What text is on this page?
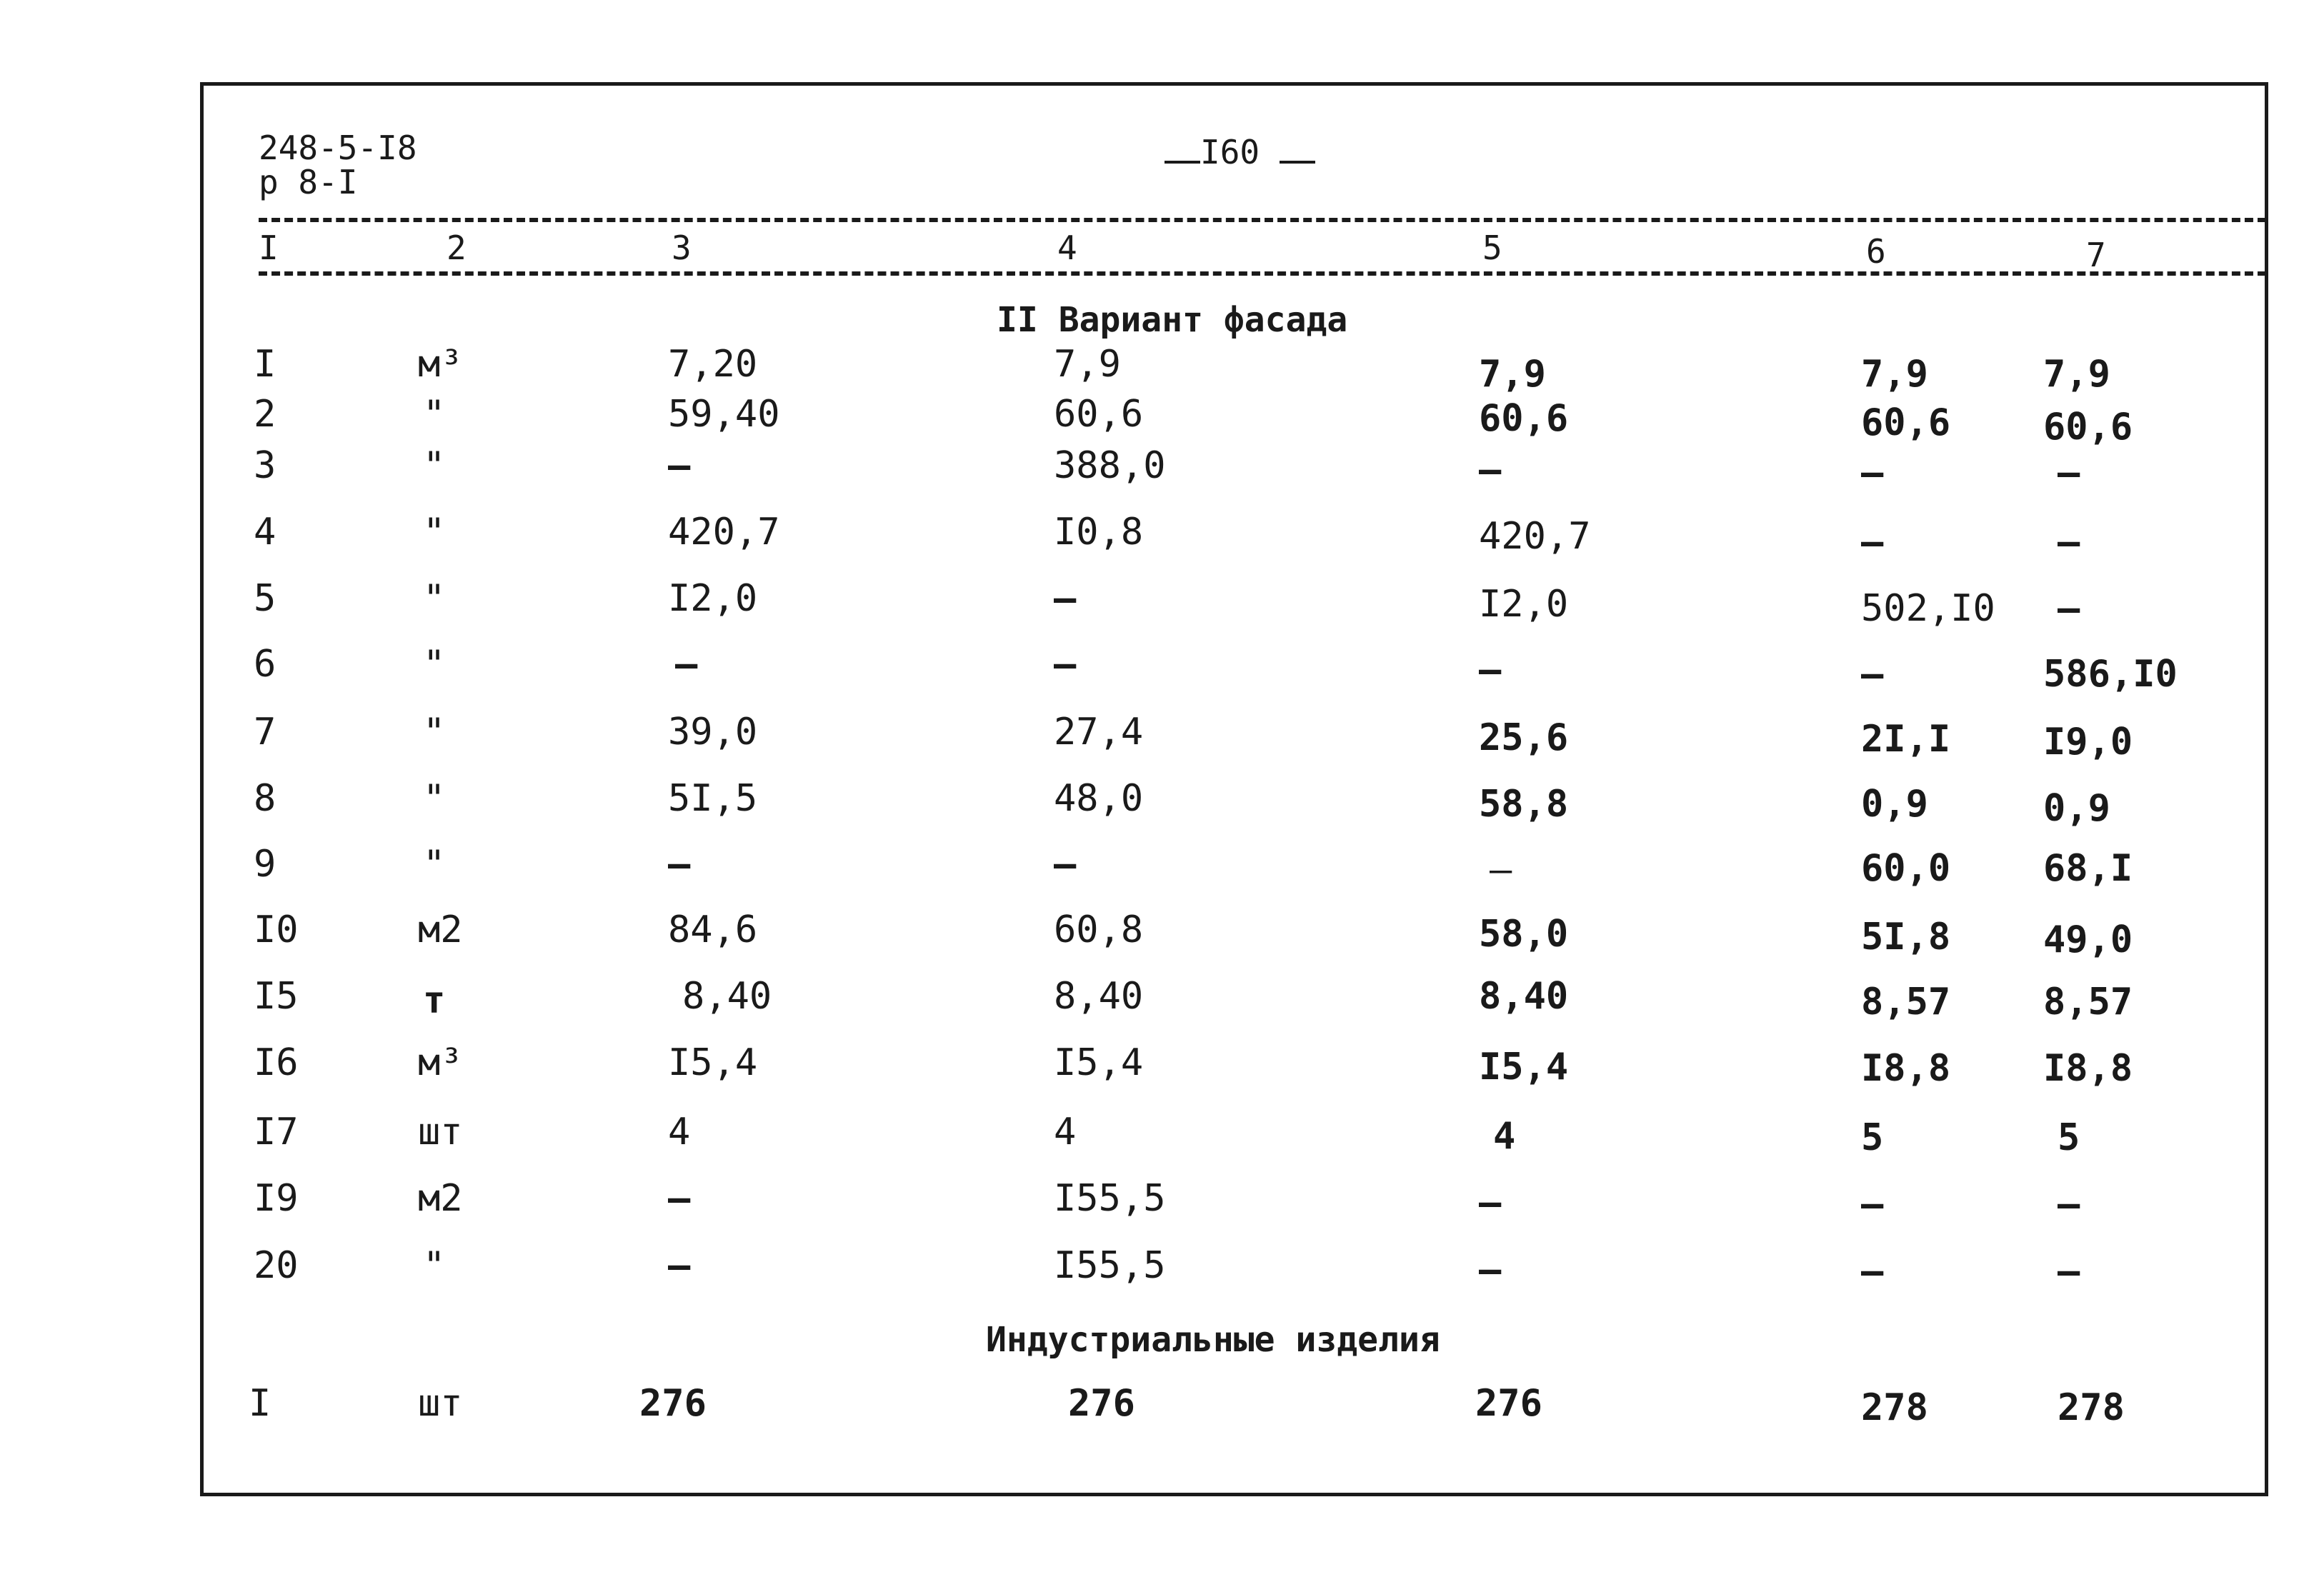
248-5-I8
р 8-I
I60
I	2	3	4	5	6	7
II Вариант фасада
I	м³	7,20	7,9	7,9	7,9	7,9
2	"	59,40	60,6	60,6	60,6 60,6
3	"	–	388,0	–	–	–
4	"	420,7	I0,8	420,7	–	–
5	"	I2,0	–	I2,0	502,I0 –
6	"	–	–	–	–	586,I0
7	"	39,0	27,4	25,6	2I,I I9,0
8	"	5I,5	48,0	58,8	0,9	0,9
9	"	–	–	–	60,0 68,I
I0	м2	84,6	60,8	58,0	5I,8 49,0
I5	т	8,40	8,40	8,40	8,57 8,57
I6	м³	I5,4	I5,4	I5,4	I8,8 I8,8
I7	шт	4	4	4	5	5
I9	м2	–	I55,5	–	–	–
20	"	–	I55,5	–	–	–
Индустриальные изделия
I	шт	276	276	276	278	278
